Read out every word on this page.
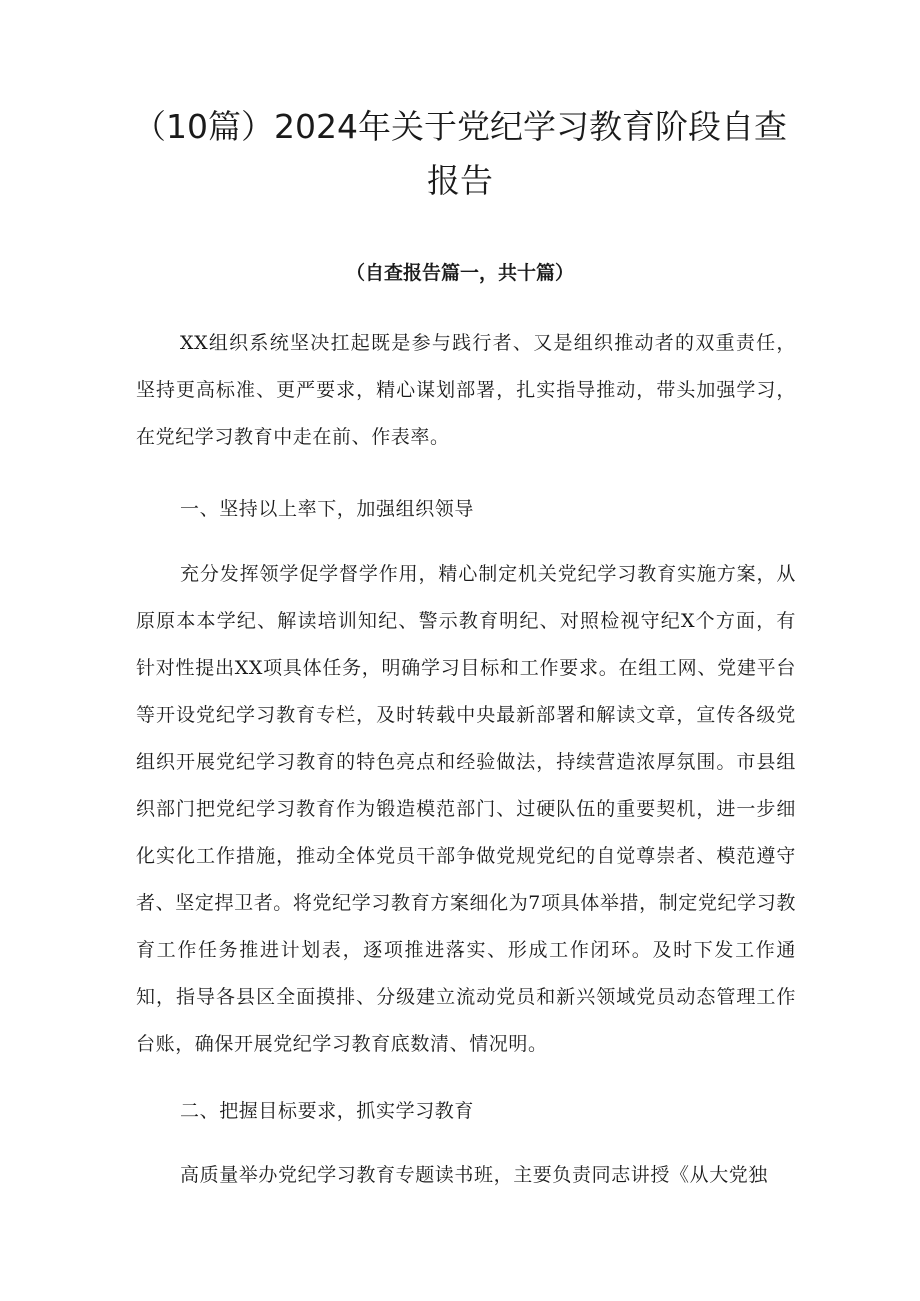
（10篇）2024年关于党纪学习教育阶段自查报告

（自查报告篇一，共十篇）

XX组织系统坚决扛起既是参与践行者、又是组织推动者的双重责任，坚持更高标准、更严要求，精心谋划部署，扎实指导推动，带头加强学习，在党纪学习教育中走在前、作表率。

一、坚持以上率下，加强组织领导

充分发挥领学促学督学作用，精心制定机关党纪学习教育实施方案，从原原本本学纪、解读培训知纪、警示教育明纪、对照检视守纪X个方面，有针对性提出XX项具体任务，明确学习目标和工作要求。在组工网、党建平台等开设党纪学习教育专栏，及时转载中央最新部署和解读文章，宣传各级党组织开展党纪学习教育的特色亮点和经验做法，持续营造浓厚氛围。市县组织部门把党纪学习教育作为锻造模范部门、过硬队伍的重要契机，进一步细化实化工作措施，推动全体党员干部争做党规党纪的自觉尊崇者、模范遵守者、坚定捍卫者。将党纪学习教育方案细化为7项具体举措，制定党纪学习教育工作任务推进计划表，逐项推进落实、形成工作闭环。及时下发工作通知，指导各县区全面摸排、分级建立流动党员和新兴领域党员动态管理工作台账，确保开展党纪学习教育底数清、情况明。

二、把握目标要求，抓实学习教育

高质量举办党纪学习教育专题读书班，主要负责同志讲授《从大党独
